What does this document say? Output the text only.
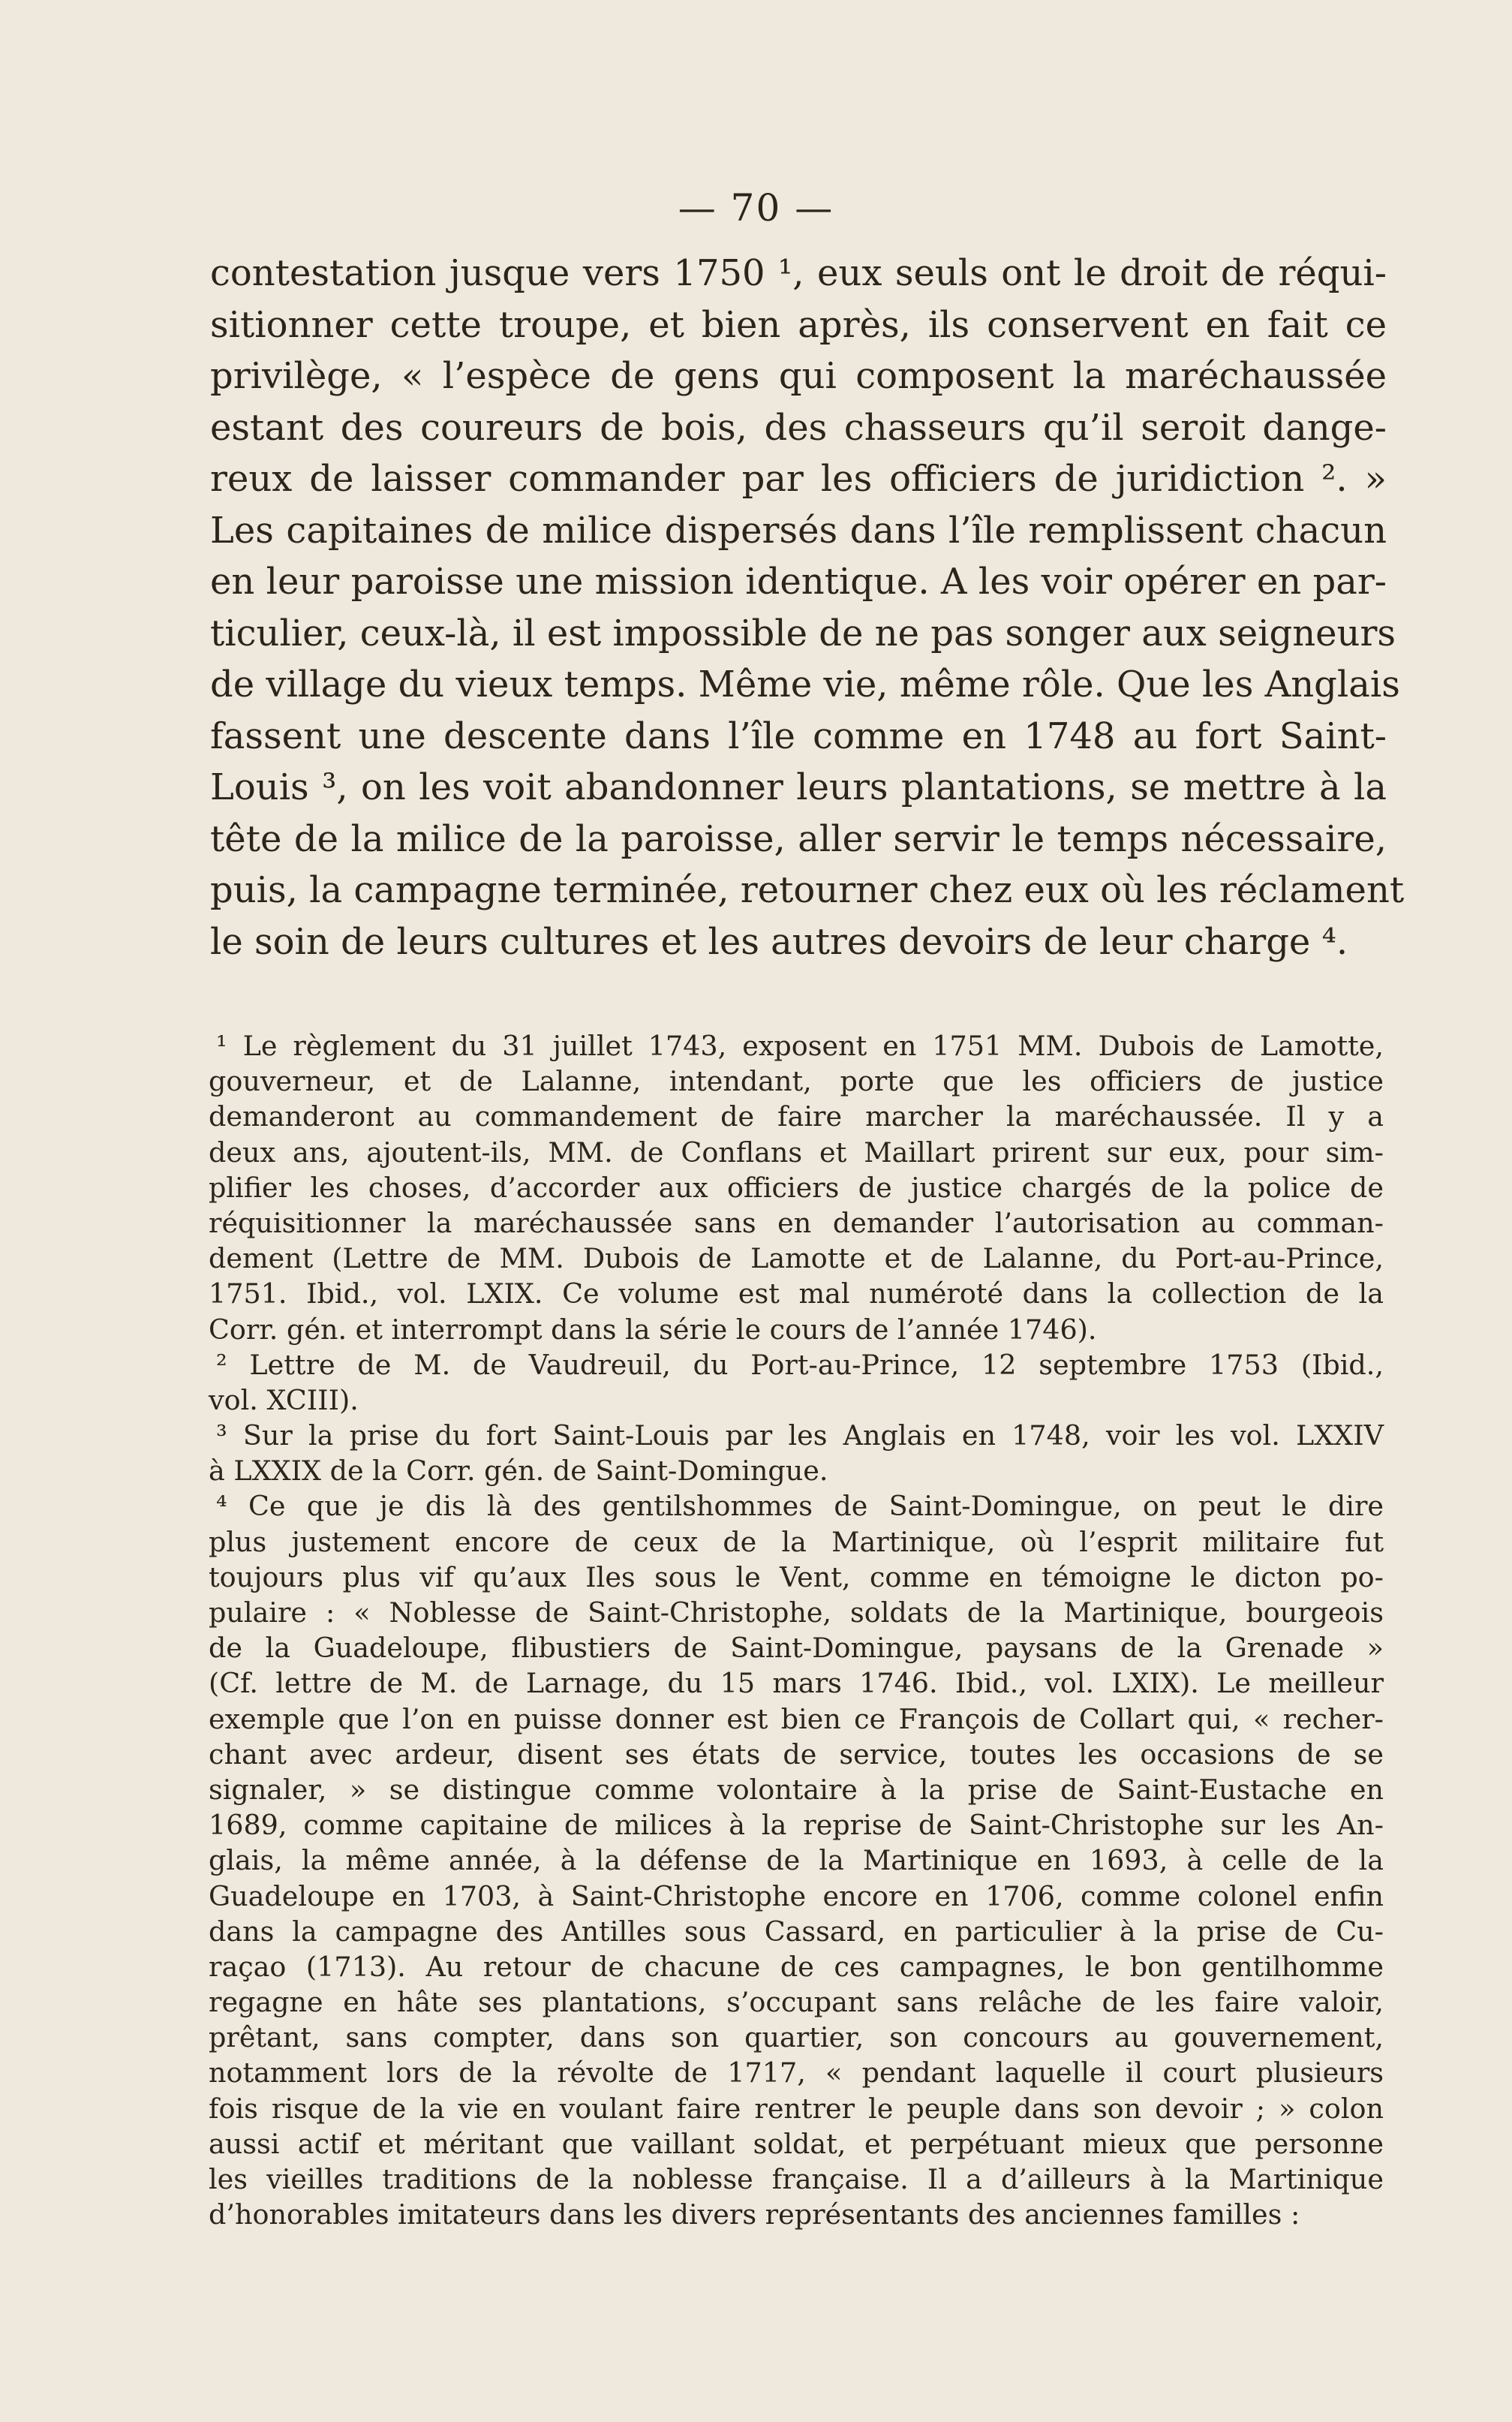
— 70 —
contestation jusque vers 1750 ¹, eux seuls ont le droit de réqui-
sitionner cette troupe, et bien après, ils conservent en fait ce
privilège, « l’espèce de gens qui composent la maréchaussée
estant des coureurs de bois, des chasseurs qu’il seroit dange-
reux de laisser commander par les officiers de juridiction ². »
Les capitaines de milice dispersés dans l’île remplissent chacun
en leur paroisse une mission identique. A les voir opérer en par-
ticulier, ceux-là, il est impossible de ne pas songer aux seigneurs
de village du vieux temps. Même vie, même rôle. Que les Anglais
fassent une descente dans l’île comme en 1748 au fort Saint-
Louis ³, on les voit abandonner leurs plantations, se mettre à la
tête de la milice de la paroisse, aller servir le temps nécessaire,
puis, la campagne terminée, retourner chez eux où les réclament
le soin de leurs cultures et les autres devoirs de leur charge ⁴.
¹ Le règlement du 31 juillet 1743, exposent en 1751 MM. Dubois de Lamotte,
gouverneur, et de Lalanne, intendant, porte que les officiers de justice
demanderont au commandement de faire marcher la maréchaussée. Il y a
deux ans, ajoutent-ils, MM. de Conflans et Maillart prirent sur eux, pour sim-
plifier les choses, d’accorder aux officiers de justice chargés de la police de
réquisitionner la maréchaussée sans en demander l’autorisation au comman-
dement (Lettre de MM. Dubois de Lamotte et de Lalanne, du Port-au-Prince,
1751. Ibid., vol. LXIX. Ce volume est mal numéroté dans la collection de la
Corr. gén. et interrompt dans la série le cours de l’année 1746).
² Lettre de M. de Vaudreuil, du Port-au-Prince, 12 septembre 1753 (Ibid.,
vol. XCIII).
³ Sur la prise du fort Saint-Louis par les Anglais en 1748, voir les vol. LXXIV
à LXXIX de la Corr. gén. de Saint-Domingue.
⁴ Ce que je dis là des gentilshommes de Saint-Domingue, on peut le dire
plus justement encore de ceux de la Martinique, où l’esprit militaire fut
toujours plus vif qu’aux Iles sous le Vent, comme en témoigne le dicton po-
pulaire : « Noblesse de Saint-Christophe, soldats de la Martinique, bourgeois
de la Guadeloupe, flibustiers de Saint-Domingue, paysans de la Grenade »
(Cf. lettre de M. de Larnage, du 15 mars 1746. Ibid., vol. LXIX). Le meilleur
exemple que l’on en puisse donner est bien ce François de Collart qui, « recher-
chant avec ardeur, disent ses états de service, toutes les occasions de se
signaler, » se distingue comme volontaire à la prise de Saint-Eustache en
1689, comme capitaine de milices à la reprise de Saint-Christophe sur les An-
glais, la même année, à la défense de la Martinique en 1693, à celle de la
Guadeloupe en 1703, à Saint-Christophe encore en 1706, comme colonel enfin
dans la campagne des Antilles sous Cassard, en particulier à la prise de Cu-
raçao (1713). Au retour de chacune de ces campagnes, le bon gentilhomme
regagne en hâte ses plantations, s’occupant sans relâche de les faire valoir,
prêtant, sans compter, dans son quartier, son concours au gouvernement,
notamment lors de la révolte de 1717, « pendant laquelle il court plusieurs
fois risque de la vie en voulant faire rentrer le peuple dans son devoir ; » colon
aussi actif et méritant que vaillant soldat, et perpétuant mieux que personne
les vieilles traditions de la noblesse française. Il a d’ailleurs à la Martinique
d’honorables imitateurs dans les divers représentants des anciennes familles :
